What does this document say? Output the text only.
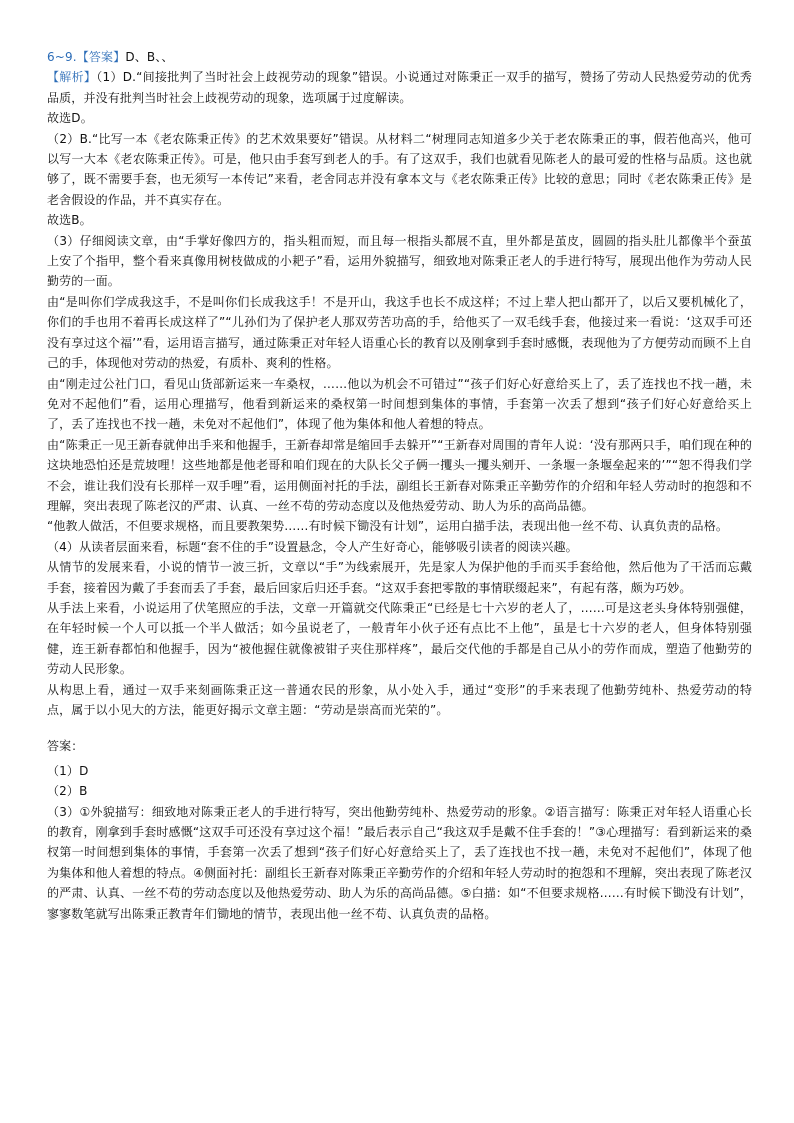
6~9.【答案】D、B、、

【解析】（1）D.“间接批判了当时社会上歧视劳动的现象”错误。小说通过对陈秉正一双手的描写，赞扬了劳动人民热爱劳动的优秀品质，并没有批判当时社会上歧视劳动的现象，选项属于过度解读。

故选D。

（2）B.“比写一本《老农陈秉正传》的艺术效果要好”错误。从材料二“树理同志知道多少关于老农陈秉正的事，假若他高兴，他可以写一大本《老农陈秉正传》。可是，他只由手套写到老人的手。有了这双手，我们也就看见陈老人的最可爱的性格与品质。这也就够了，既不需要手套，也无须写一本传记”来看，老舍同志并没有拿本文与《老农陈秉正传》比较的意思；同时《老农陈秉正传》是老舍假设的作品，并不真实存在。

故选B。

（3）仔细阅读文章，由“手掌好像四方的，指头粗而短，而且每一根指头都展不直，里外都是茧皮，圆圆的指头肚儿都像半个蚕茧上安了个指甲，整个看来真像用树枝做成的小耙子”看，运用外貌描写，细致地对陈秉正老人的手进行特写，展现出他作为劳动人民勤劳的一面。

由“是叫你们学成我这手，不是叫你们长成我这手！不是开山，我这手也长不成这样；不过上辈人把山都开了，以后又要机械化了，你们的手也用不着再长成这样了”“儿孙们为了保护老人那双劳苦功高的手，给他买了一双毛线手套，他接过来一看说：‘这双手可还没有享过这个福’”看，运用语言描写，通过陈秉正对年轻人语重心长的教育以及刚拿到手套时感慨，表现他为了方便劳动而顾不上自己的手，体现他对劳动的热爱，有质朴、爽利的性格。

由“刚走过公社门口，看见山货部新运来一车桑杈，……他以为机会不可错过”“孩子们好心好意给买上了，丢了连找也不找一趟，未免对不起他们”看，运用心理描写，他看到新运来的桑杈第一时间想到集体的事情，手套第一次丢了想到“孩子们好心好意给买上了，丢了连找也不找一趟，未免对不起他们”，体现了他为集体和他人着想的特点。

由“陈秉正一见王新春就伸出手来和他握手，王新春却常是缩回手去躲开”“王新春对周围的青年人说：‘没有那两只手，咱们现在种的这块地恐怕还是荒坡哩！这些地都是他老哥和咱们现在的大队长父子俩一攫头一攫头剜开、一条堰一条堰垒起来的’”“恕不得我们学不会，谁让我们没有长那样一双手哩”看，运用侧面衬托的手法，副组长王新春对陈秉正辛勤劳作的介绍和年轻人劳动时的抱怨和不理解，突出表现了陈老汉的严肃、认真、一丝不苟的劳动态度以及他热爱劳动、助人为乐的高尚品德。

“他教人做活，不但要求规格，而且要教架势……有时候下锄没有计划”，运用白描手法，表现出他一丝不苟、认真负责的品格。

（4）从读者层面来看，标题“套不住的手”设置悬念，令人产生好奇心，能够吸引读者的阅读兴趣。

从情节的发展来看，小说的情节一波三折，文章以“手”为线索展开，先是家人为保护他的手而买手套给他，然后他为了干活而忘戴手套，接着因为戴了手套而丢了手套，最后回家后归还手套。“这双手套把零散的事情联缀起来”，有起有落，颇为巧妙。

从手法上来看，小说运用了伏笔照应的手法，文章一开篇就交代陈秉正“已经是七十六岁的老人了，……可是这老头身体特别强健，在年轻时候一个人可以抵一个半人做活；如今虽说老了，一般青年小伙子还有点比不上他”，虽是七十六岁的老人，但身体特别强健，连王新春都怕和他握手，因为“被他握住就像被钳子夹住那样疼”，最后交代他的手都是自己从小的劳作而成，塑造了他勤劳的劳动人民形象。

从构思上看，通过一双手来刻画陈秉正这一普通农民的形象，从小处入手，通过“变形”的手来表现了他勤劳纯朴、热爱劳动的特点，属于以小见大的方法，能更好揭示文章主题：“劳动是崇高而光荣的”。

答案：

（1）D

（2）B

（3）①外貌描写：细致地对陈秉正老人的手进行特写，突出他勤劳纯朴、热爱劳动的形象。②语言描写：陈秉正对年轻人语重心长的教育，刚拿到手套时感慨“这双手可还没有享过这个福！”最后表示自己“我这双手是戴不住手套的！”③心理描写：看到新运来的桑杈第一时间想到集体的事情，手套第一次丢了想到“孩子们好心好意给买上了，丢了连找也不找一趟，未免对不起他们”，体现了他为集体和他人着想的特点。④侧面衬托：副组长王新春对陈秉正辛勤劳作的介绍和年轻人劳动时的抱怨和不理解，突出表现了陈老汉的严肃、认真、一丝不苟的劳动态度以及他热爱劳动、助人为乐的高尚品德。⑤白描：如“不但要求规格……有时候下锄没有计划”，寥寥数笔就写出陈秉正教青年们锄地的情节，表现出他一丝不苟、认真负责的品格。
